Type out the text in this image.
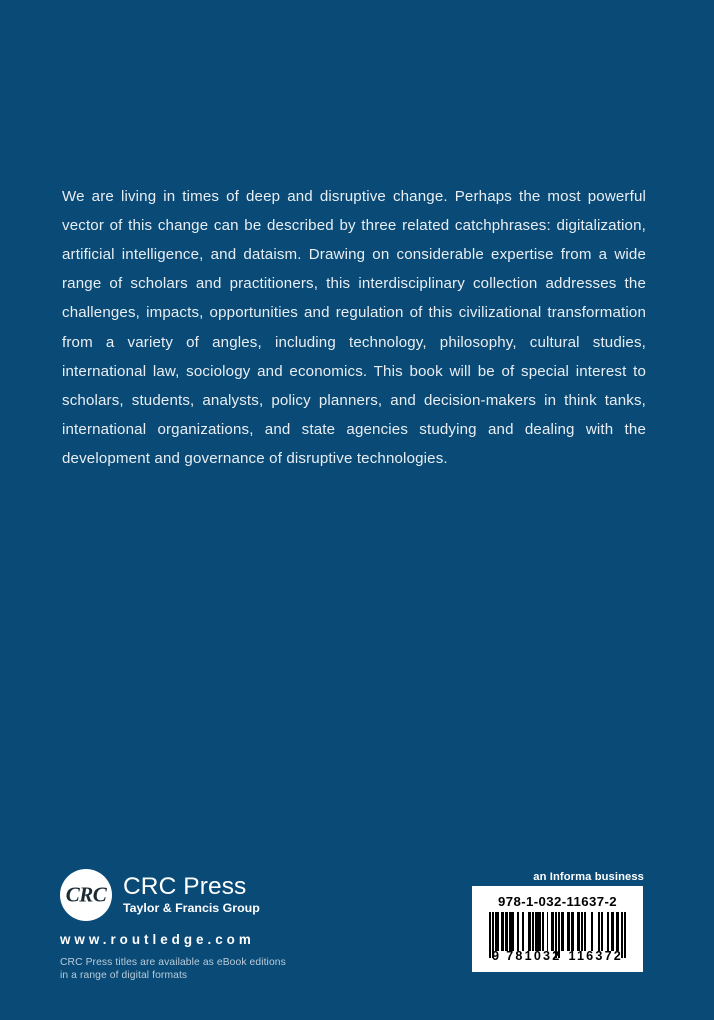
We are living in times of deep and disruptive change. Perhaps the most powerful vector of this change can be described by three related catchphrases: digitalization, artificial intelligence, and dataism. Drawing on considerable expertise from a wide range of scholars and practitioners, this interdisciplinary collection addresses the challenges, impacts, opportunities and regulation of this civilizational transformation from a variety of angles, including technology, philosophy, cultural studies, international law, sociology and economics. This book will be of special interest to scholars, students, analysts, policy planners, and decision-makers in think tanks, international organizations, and state agencies studying and dealing with the development and governance of disruptive technologies.

CRC CRC Press
Taylor & Francis Group
www.routledge.com
CRC Press titles are available as eBook editions
in a range of digital formats
an Informa business
978-1-032-11637-2
9 781032 116372
